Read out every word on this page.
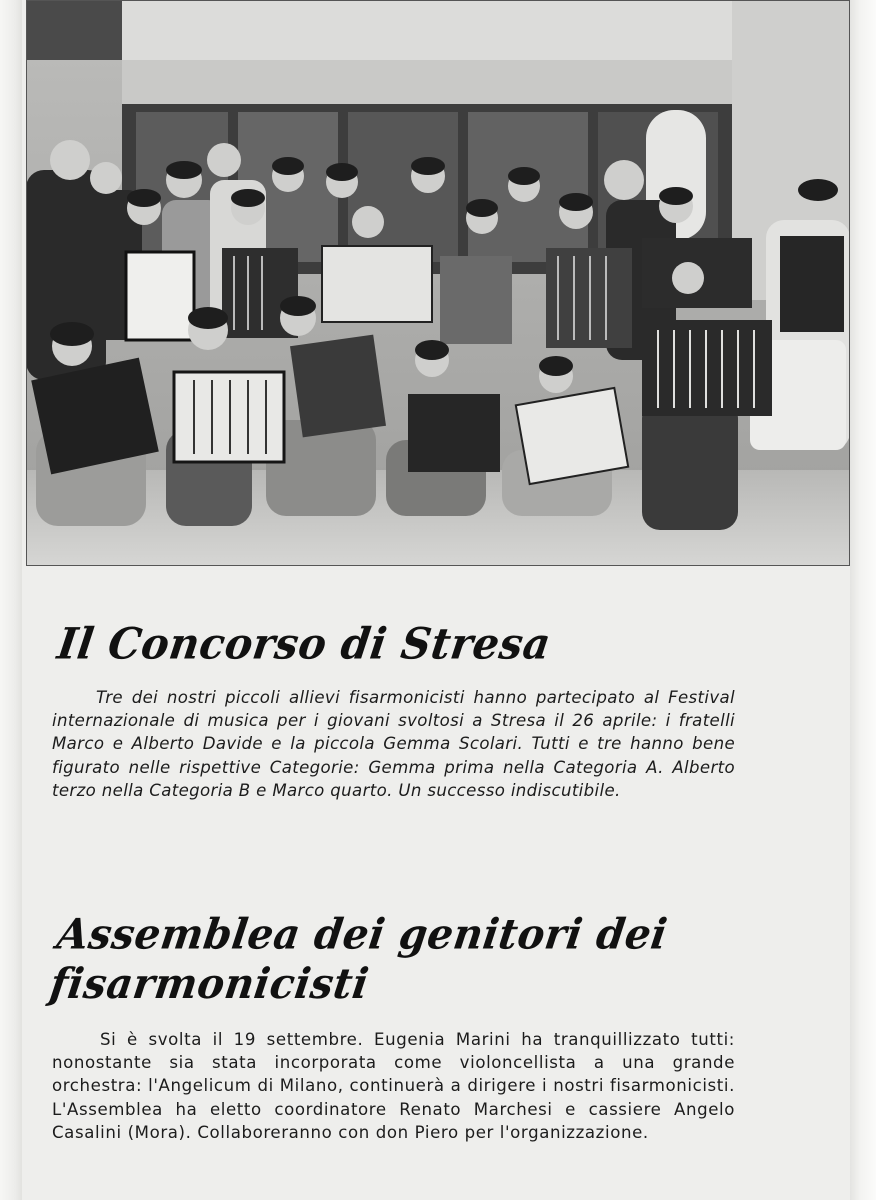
Il Concorso di Stresa

Tre dei nostri piccoli allievi fisarmonicisti hanno partecipato al Festival internazionale di musica per i giovani svoltosi a Stresa il 26 aprile: i fratelli Marco e Alberto Davide e la piccola Gemma Scolari. Tutti e tre hanno bene figurato nelle rispettive Categorie: Gemma prima nella Categoria A. Alberto terzo nella Categoria B e Marco quarto. Un successo indiscutibile.

Assemblea dei genitori dei fisarmonicisti

Si è svolta il 19 settembre. Eugenia Marini ha tranquillizzato tutti: nonostante sia stata incorporata come violoncellista a una grande orchestra: l'Angelicum di Milano, continuerà a dirigere i nostri fisarmonicisti. L'Assemblea ha eletto coordinatore Renato Marchesi e cassiere Angelo Casalini (Mora). Collaboreranno con don Piero per l'organizzazione.
